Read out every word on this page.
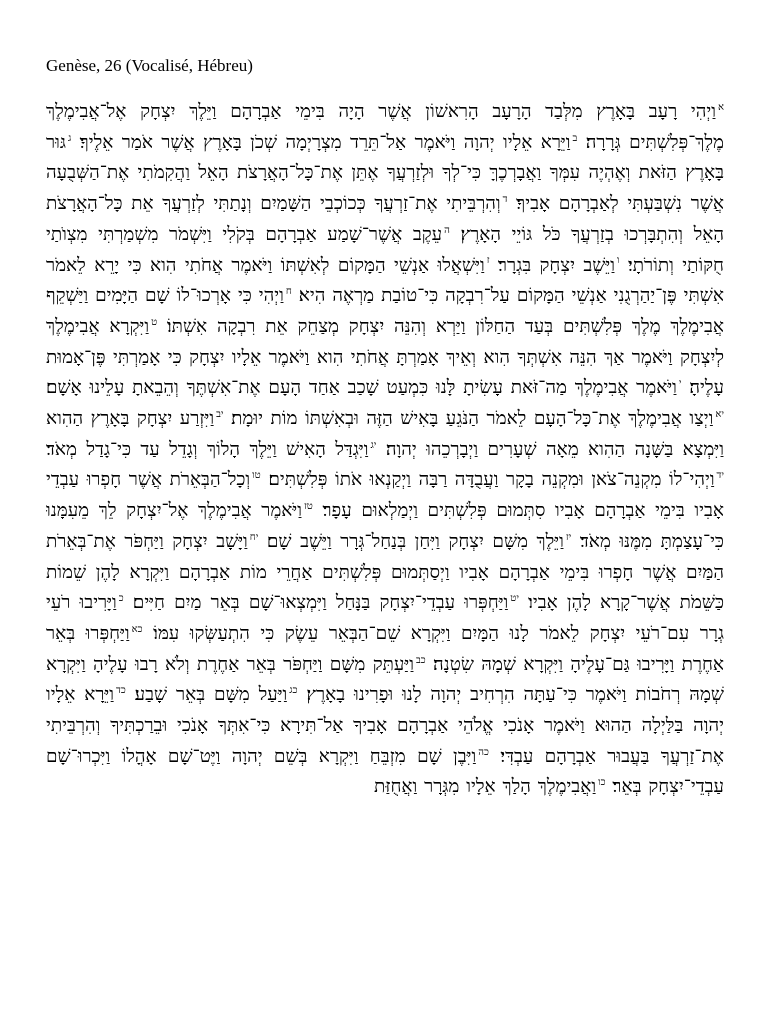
Genèse, 26 (Vocalisé, Hébreu)

$^א$וַיְהִי רָעָב בָּאָרֶץ מִלְּבַד הָרָעָב הָרִאשׁוֹן אֲשֶׁר הָיָה בִּימֵי אַבְרָהָם וַיֵּלֶךְ יִצְחָק אֶל־אֲבִימֶלֶךְ מֶלֶךְ־פְּלִשְׁתִּים גְּרָרָה׃ $^ב$וַיֵּרָא אֵלָיו יְהוָה וַיֹּאמֶר אַל־תֵּרֵד מִצְרָיְמָה שְׁכֹן בָּאָרֶץ אֲשֶׁר אֹמַר אֵלֶיךָ׃ $^ג$גּוּר בָּאָרֶץ הַזֹּאת וְאֶהְיֶה עִמְּךָ וַאֲבָרְכֶךָּ כִּי־לְךָ וּלְזַרְעֲךָ אֶתֵּן אֶת־כָּל־הָאֲרָצֹת הָאֵל וַהֲקִמֹתִי אֶת־הַשְּׁבֻעָה אֲשֶׁר נִשְׁבַּעְתִּי לְאַבְרָהָם אָבִיךָ׃ $^ד$וְהִרְבֵּיתִי אֶת־זַרְעֲךָ כְּכוֹכְבֵי הַשָּׁמַיִם וְנָתַתִּי לְזַרְעֲךָ אֵת כָּל־הָאֲרָצֹת הָאֵל וְהִתְבָּרְכוּ בְזַרְעֲךָ כֹּל גּוֹיֵי הָאָרֶץ׃ $^ה$עֵקֶב אֲשֶׁר־שָׁמַע אַבְרָהָם בְּקֹלִי וַיִּשְׁמֹר מִשְׁמַרְתִּי מִצְוֺתַי חֻקּוֹתַי וְתוֹרֹתָי׃ $^ו$וַיֵּשֶׁב יִצְחָק בִּגְרָר׃ $^ז$וַיִּשְׁאֲלוּ אַנְשֵׁי הַמָּקוֹם לְאִשְׁתּוֹ וַיֹּאמֶר אֲחֹתִי הִוא כִּי יָרֵא לֵאמֹר אִשְׁתִּי פֶּן־יַהַרְגֻנִי אַנְשֵׁי הַמָּקוֹם עַל־רִבְקָה כִּי־טוֹבַת מַרְאֶה הִיא׃ $^ח$וַיְהִי כִּי אָרְכוּ־לוֹ שָׁם הַיָּמִים וַיַּשְׁקֵף אֲבִימֶלֶךְ מֶלֶךְ פְּלִשְׁתִּים בְּעַד הַחַלּוֹן וַיַּרְא וְהִנֵּה יִצְחָק מְצַחֵק אֵת רִבְקָה אִשְׁתּוֹ׃ $^ט$וַיִּקְרָא אֲבִימֶלֶךְ לְיִצְחָק וַיֹּאמֶר אַךְ הִנֵּה אִשְׁתְּךָ הִוא וְאֵיךְ אָמַרְתָּ אֲחֹתִי הִוא וַיֹּאמֶר אֵלָיו יִצְחָק כִּי אָמַרְתִּי פֶּן־אָמוּת עָלֶיהָ׃ $^י$וַיֹּאמֶר אֲבִימֶלֶךְ מַה־זֹּאת עָשִׂיתָ לָּנוּ כִּמְעַט שָׁכַב אַחַד הָעָם אֶת־אִשְׁתֶּךָ וְהֵבֵאתָ עָלֵינוּ אָשָׁם׃ $^{יא}$וַיְצַו אֲבִימֶלֶךְ אֶת־כָּל־הָעָם לֵאמֹר הַנֹּגֵעַ בָּאִישׁ הַזֶּה וּבְאִשְׁתּוֹ מוֹת יוּמָת׃ $^{יב}$וַיִּזְרַע יִצְחָק בָּאָרֶץ הַהִוא וַיִּמְצָא בַּשָּׁנָה הַהִוא מֵאָה שְׁעָרִים וַיְבָרְכֵהוּ יְהוָה׃ $^{יג}$וַיִּגְדַּל הָאִישׁ וַיֵּלֶךְ הָלוֹךְ וְגָדֵל עַד כִּי־גָדַל מְאֹד׃ $^{יד}$וַיְהִי־לוֹ מִקְנֵה־צֹאן וּמִקְנֵה בָקָר וַעֲבֻדָּה רַבָּה וַיְקַנְאוּ אֹתוֹ פְּלִשְׁתִּים׃ $^{טו}$וְכָל־הַבְּאֵרֹת אֲשֶׁר חָפְרוּ עַבְדֵי אָבִיו בִּימֵי אַבְרָהָם אָבִיו סִתְּמוּם פְּלִשְׁתִּים וַיְמַלְאוּם עָפָר׃ $^{טז}$וַיֹּאמֶר אֲבִימֶלֶךְ אֶל־יִצְחָק לֵךְ מֵעִמָּנוּ כִּי־עָצַמְתָּ מִמֶּנּוּ מְאֹד׃ $^{יז}$וַיֵּלֶךְ מִשָּׁם יִצְחָק וַיִּחַן בְּנַחַל־גְּרָר וַיֵּשֶׁב שָׁם׃ $^{יח}$וַיָּשָׁב יִצְחָק וַיַּחְפֹּר אֶת־בְּאֵרֹת הַמַּיִם אֲשֶׁר חָפְרוּ בִּימֵי אַבְרָהָם אָבִיו וַיְסַתְּמוּם פְּלִשְׁתִּים אַחֲרֵי מוֹת אַבְרָהָם וַיִּקְרָא לָהֶן שֵׁמוֹת כַּשֵּׁמֹת אֲשֶׁר־קָרָא לָהֶן אָבִיו׃ $^{יט}$וַיַּחְפְּרוּ עַבְדֵי־יִצְחָק בַּנָּחַל וַיִּמְצְאוּ־שָׁם בְּאֵר מַיִם חַיִּים׃ $^כ$וַיָּרִיבוּ רֹעֵי גְרָר עִם־רֹעֵי יִצְחָק לֵאמֹר לָנוּ הַמָּיִם וַיִּקְרָא שֵׁם־הַבְּאֵר עֵשֶׂק כִּי הִתְעַשְּׂקוּ עִמּוֹ׃ $^{כא}$וַיַּחְפְּרוּ בְּאֵר אַחֶרֶת וַיָּרִיבוּ גַּם־עָלֶיהָ וַיִּקְרָא שְׁמָהּ שִׂטְנָה׃ $^{כב}$וַיַּעְתֵּק מִשָּׁם וַיַּחְפֹּר בְּאֵר אַחֶרֶת וְלֹא רָבוּ עָלֶיהָ וַיִּקְרָא שְׁמָהּ רְחֹבוֹת וַיֹּאמֶר כִּי־עַתָּה הִרְחִיב יְהוָה לָנוּ וּפָרִינוּ בָאָרֶץ׃ $^{כג}$וַיַּעַל מִשָּׁם בְּאֵר שָׁבַע׃ $^{כד}$וַיֵּרָא אֵלָיו יְהוָה בַּלַּיְלָה הַהוּא וַיֹּאמֶר אָנֹכִי אֱלֹהֵי אַבְרָהָם אָבִיךָ אַל־תִּירָא כִּי־אִתְּךָ אָנֹכִי וּבֵרַכְתִּיךָ וְהִרְבֵּיתִי אֶת־זַרְעֲךָ בַּעֲבוּר אַבְרָהָם עַבְדִּי׃ $^{כה}$וַיִּבֶן שָׁם מִזְבֵּחַ וַיִּקְרָא בְּשֵׁם יְהוָה וַיֶּט־שָׁם אָהֳלוֹ וַיִּכְרוּ־שָׁם עַבְדֵי־יִצְחָק בְּאֵר׃ $^{כו}$וַאֲבִימֶלֶךְ הָלַךְ אֵלָיו מִגְּרָר וַאֲחֻזַּת
